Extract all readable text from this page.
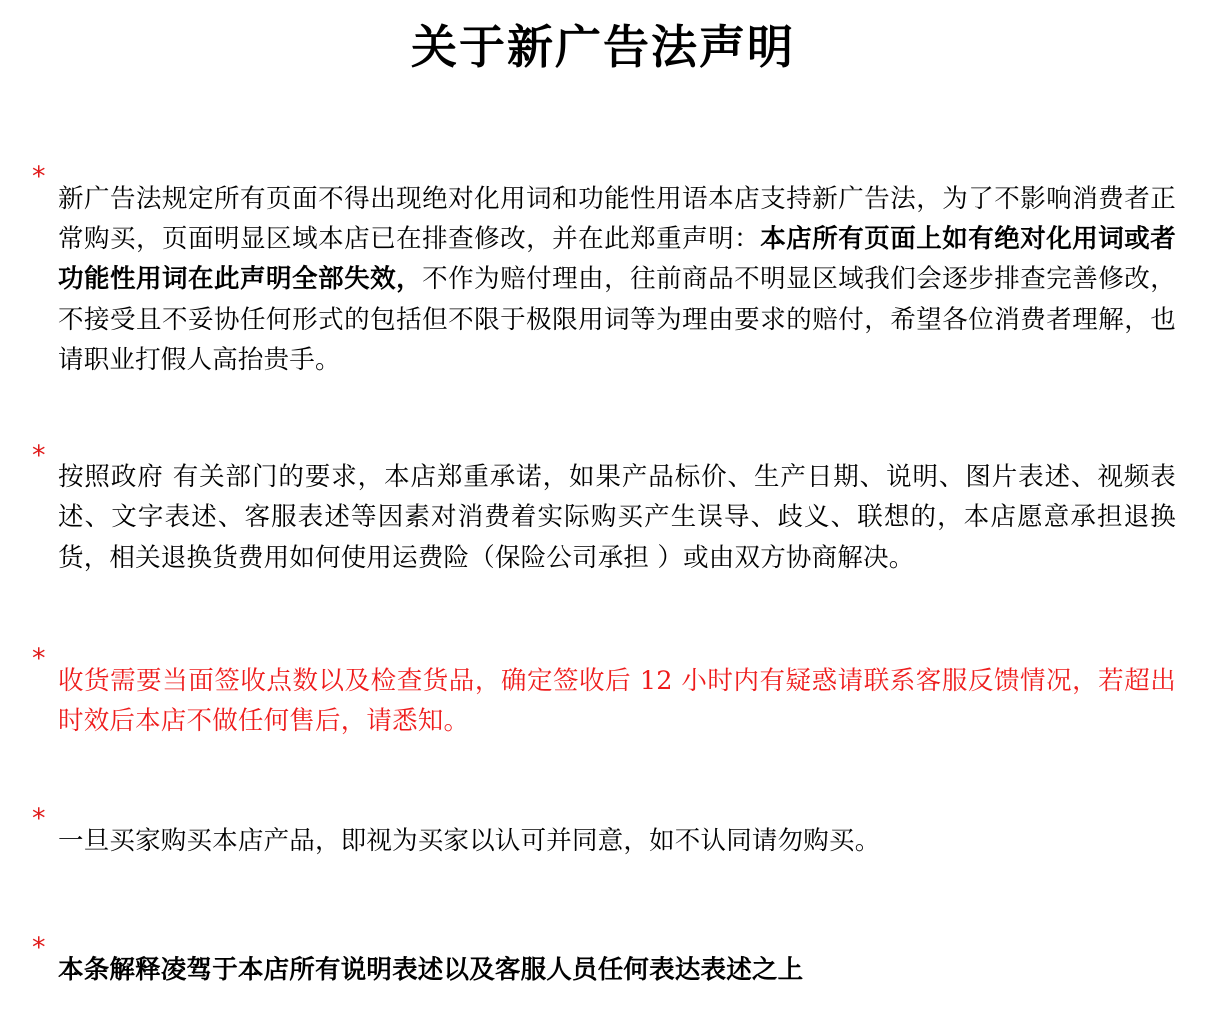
关于新广告法声明
*

新广告法规定所有页面不得出现绝对化用词和功能性用语本店支持新广告法，为了不影响消费者正常购买，页面明显区域本店已在排查修改，并在此郑重声明：本店所有页面上如有绝对化用词或者功能性用词在此声明全部失效，不作为赔付理由，往前商品不明显区域我们会逐步排查完善修改，不接受且不妥协任何形式的包括但不限于极限用词等为理由要求的赔付，希望各位消费者理解，也请职业打假人高抬贵手。

*

按照政府 有关部门的要求，本店郑重承诺，如果产品标价、生产日期、说明、图片表述、视频表述、文字表述、客服表述等因素对消费着实际购买产生误导、歧义、联想的，本店愿意承担退换货，相关退换货费用如何使用运费险（保险公司承担 ）或由双方协商解决。

*

收货需要当面签收点数以及检查货品，确定签收后 12 小时内有疑惑请联系客服反馈情况，若超出时效后本店不做任何售后，请悉知。

*

一旦买家购买本店产品，即视为买家以认可并同意，如不认同请勿购买。

*

本条解释凌驾于本店所有说明表述以及客服人员任何表达表述之上
